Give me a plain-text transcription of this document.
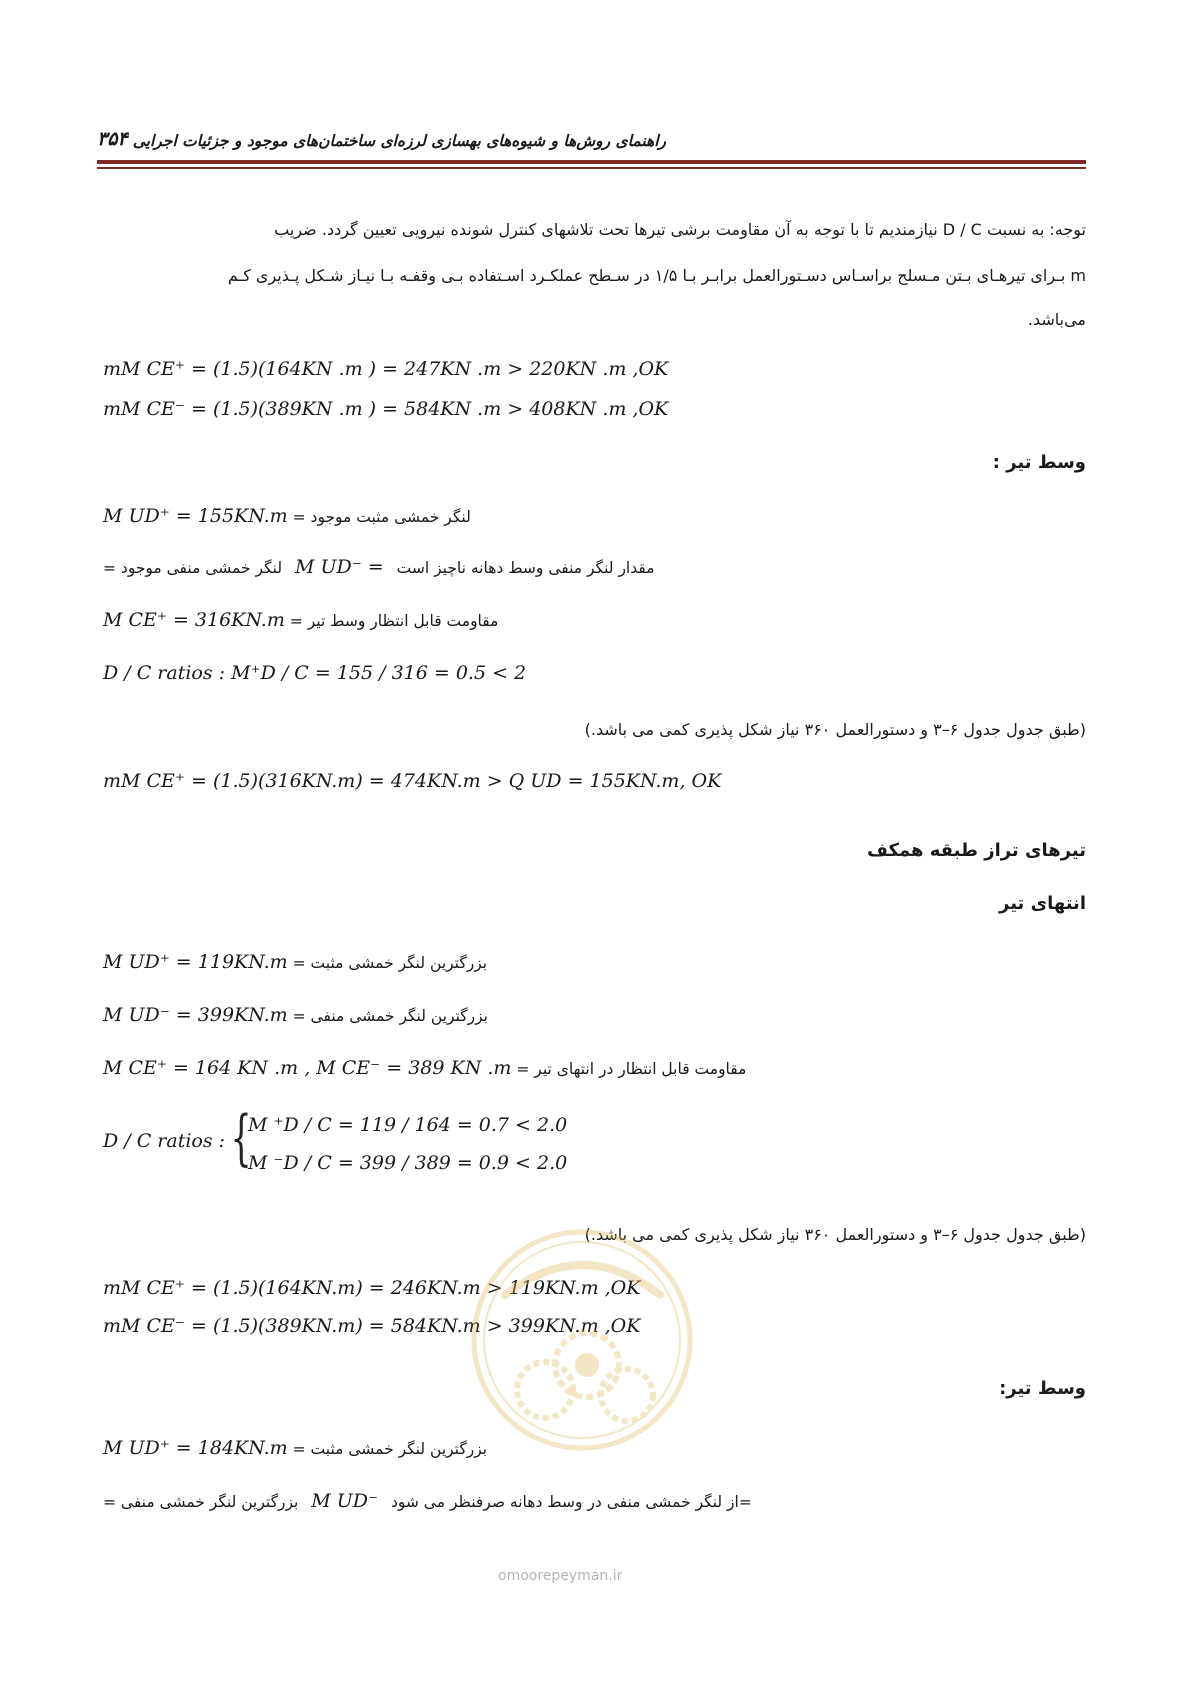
راهنمای روش‌ها و شیوه‌های بهسازی لرزه‌ای ساختمان‌های موجود و جزئیات اجرایی
۳۵۴
توجه: به نسبت D / C نیازمندیم تا با توجه به آن مقاومت برشی تیرها تحت تلاشهای کنترل شونده نیرویی تعیین گردد. ضریب
m بـرای تیرهـای بـتن مـسلح براسـاس دسـتورالعمل برابـر بـا ۱/۵ در سـطح عملکـرد اسـتفاده بـی وقفـه بـا نیـاز شـکل پـذیری کـم
می‌باشد.
mM CE⁺ = (1.5)(164KN .m ) = 247KN .m > 220KN .m ,OK
mM CE⁻ = (1.5)(389KN .m ) = 584KN .m > 408KN .m ,OK
وسط تیر :
لنگر خمشی مثبت موجود = M UD⁺ = 155KN.m
مقدار لنگر منفی وسط دهانه ناچیز است M UD⁻ = لنگر خمشی منفی موجود =
مقاومت قابل انتظار وسط تیر = M CE⁺ = 316KN.m
D / C ratios : M⁺D / C = 155 / 316 = 0.5 < 2
(طبق جدول جدول ۶–۳ و دستورالعمل ۳۶۰ نیاز شکل پذیری کمی می باشد.)
mM CE⁺ = (1.5)(316KN.m) = 474KN.m > Q UD = 155KN.m, OK
تیرهای تراز طبقه همکف
انتهای تیر
بزرگترین لنگر خمشی مثبت = M UD⁺ = 119KN.m
بزرگترین لنگر خمشی منفی = M UD⁻ = 399KN.m
مقاومت قابل انتظار در انتهای تیر = M CE⁺ = 164 KN .m , M CE⁻ = 389 KN .m
D / C ratios : {
M ⁺D / C = 119 / 164 = 0.7 < 2.0
M ⁻D / C = 399 / 389 = 0.9 < 2.0
(طبق جدول جدول ۶–۳ و دستورالعمل ۳۶۰ نیاز شکل پذیری کمی می باشد.)
mM CE⁺ = (1.5)(164KN.m) = 246KN.m > 119KN.m ,OK
mM CE⁻ = (1.5)(389KN.m) = 584KN.m > 399KN.m ,OK
وسط تیر:
بزرگترین لنگر خمشی مثبت = M UD⁺ = 184KN.m
=از لنگر خمشی منفی در وسط دهانه صرفنظر می شود M UD⁻ بزرگترین لنگر خمشی منفی =
omoorepeyman.ir
